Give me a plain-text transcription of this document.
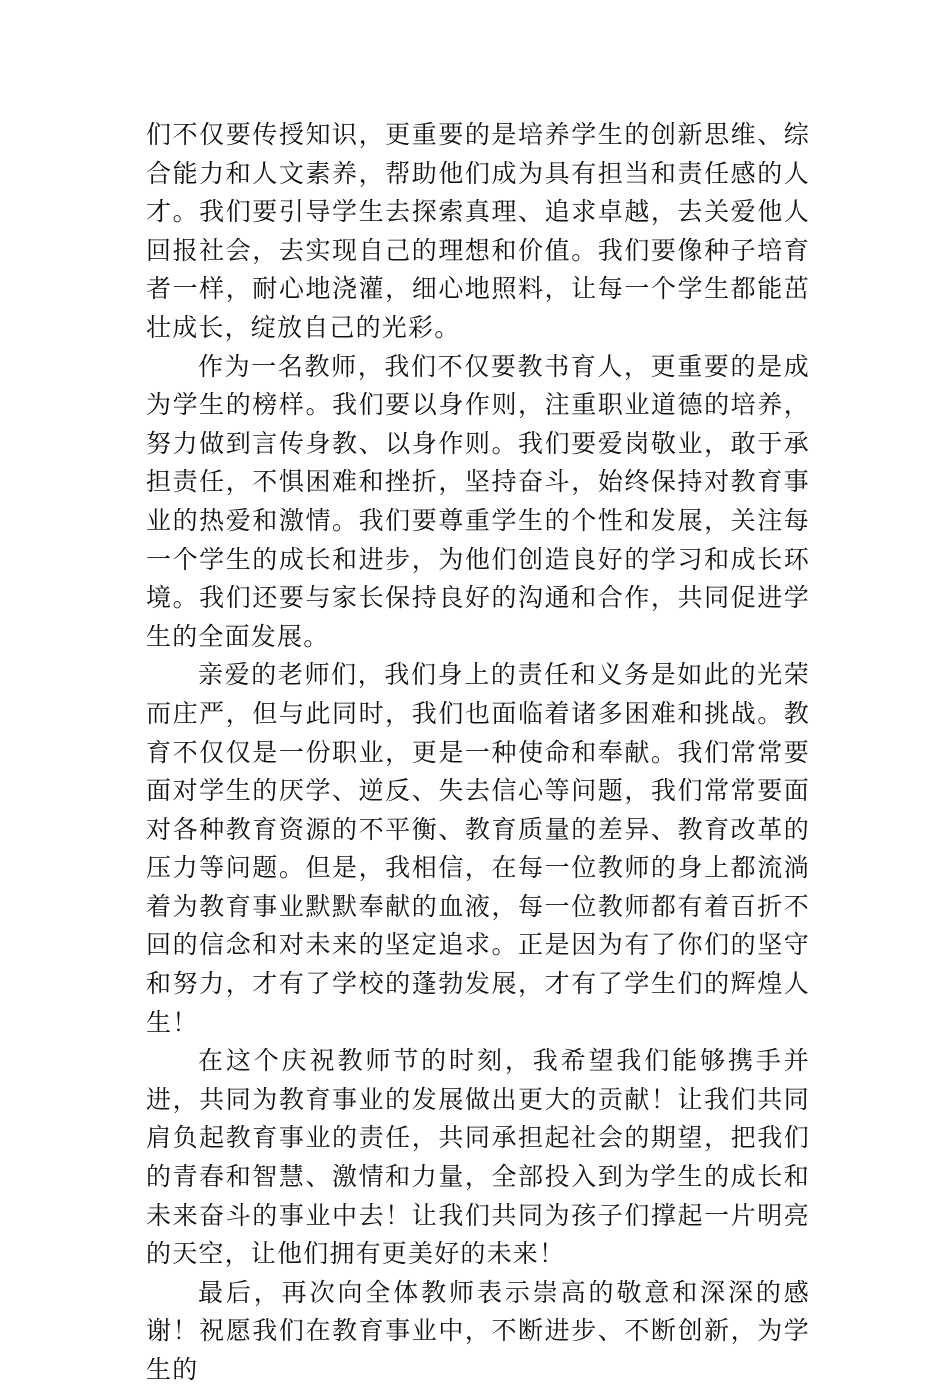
们不仅要传授知识，更重要的是培养学生的创新思维、综合能力和人文素养，帮助他们成为具有担当和责任感的人才。我们要引导学生去探索真理、追求卓越，去关爱他人回报社会，去实现自己的理想和价值。我们要像种子培育者一样，耐心地浇灌，细心地照料，让每一个学生都能茁壮成长，绽放自己的光彩。

作为一名教师，我们不仅要教书育人，更重要的是成为学生的榜样。我们要以身作则，注重职业道德的培养，努力做到言传身教、以身作则。我们要爱岗敬业，敢于承担责任，不惧困难和挫折，坚持奋斗，始终保持对教育事业的热爱和激情。我们要尊重学生的个性和发展，关注每一个学生的成长和进步，为他们创造良好的学习和成长环境。我们还要与家长保持良好的沟通和合作，共同促进学生的全面发展。

亲爱的老师们，我们身上的责任和义务是如此的光荣而庄严，但与此同时，我们也面临着诸多困难和挑战。教育不仅仅是一份职业，更是一种使命和奉献。我们常常要面对学生的厌学、逆反、失去信心等问题，我们常常要面对各种教育资源的不平衡、教育质量的差异、教育改革的压力等问题。但是，我相信，在每一位教师的身上都流淌着为教育事业默默奉献的血液，每一位教师都有着百折不回的信念和对未来的坚定追求。正是因为有了你们的坚守和努力，才有了学校的蓬勃发展，才有了学生们的辉煌人生！

在这个庆祝教师节的时刻，我希望我们能够携手并进，共同为教育事业的发展做出更大的贡献！让我们共同肩负起教育事业的责任，共同承担起社会的期望，把我们的青春和智慧、激情和力量，全部投入到为学生的成长和未来奋斗的事业中去！让我们共同为孩子们撑起一片明亮的天空，让他们拥有更美好的未来！

最后，再次向全体教师表示崇高的敬意和深深的感谢！祝愿我们在教育事业中，不断进步、不断创新，为学生的
